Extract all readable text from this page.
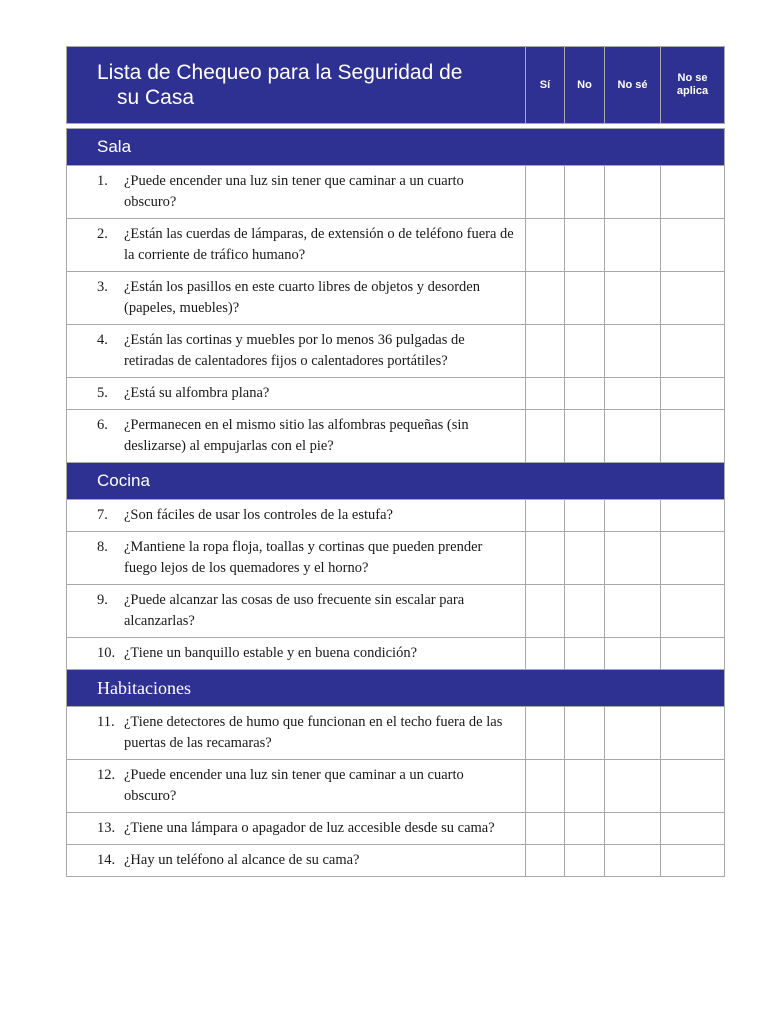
Lista de Chequeo para la Seguridad de
su Casa	Sí	No	No sé	No se aplica

Sala				

1. ¿Puede encender una luz sin tener que caminar a un cuarto obscuro?				

2. ¿Están las cuerdas de lámparas, de extensión o de teléfono fuera de la corriente de tráfico humano?				

3. ¿Están los pasillos en este cuarto libres de objetos y desorden (papeles, muebles)?				

4. ¿Están las cortinas y muebles por lo menos 36 pulgadas de retiradas de calentadores fijos o calentadores portátiles?				

5. ¿Está su alfombra plana?				

6. ¿Permanecen en el mismo sitio las alfombras pequeñas (sin deslizarse) al empujarlas con el pie?				

Cocina				

7. ¿Son fáciles de usar los controles de la estufa?				

8. ¿Mantiene la ropa floja, toallas y cortinas que pueden prender fuego lejos de los quemadores y el horno?				

9. ¿Puede alcanzar las cosas de uso frecuente sin escalar para alcanzarlas?				

10. ¿Tiene un banquillo estable y en buena condición?				

Habitaciones				

11. ¿Tiene detectores de humo que funcionan en el techo fuera de las puertas de las recamaras?				

12. ¿Puede encender una luz sin tener que caminar a un cuarto obscuro?				

13. ¿Tiene una lámpara o apagador de luz accesible desde su cama?				

14. ¿Hay un teléfono al alcance de su cama?				
